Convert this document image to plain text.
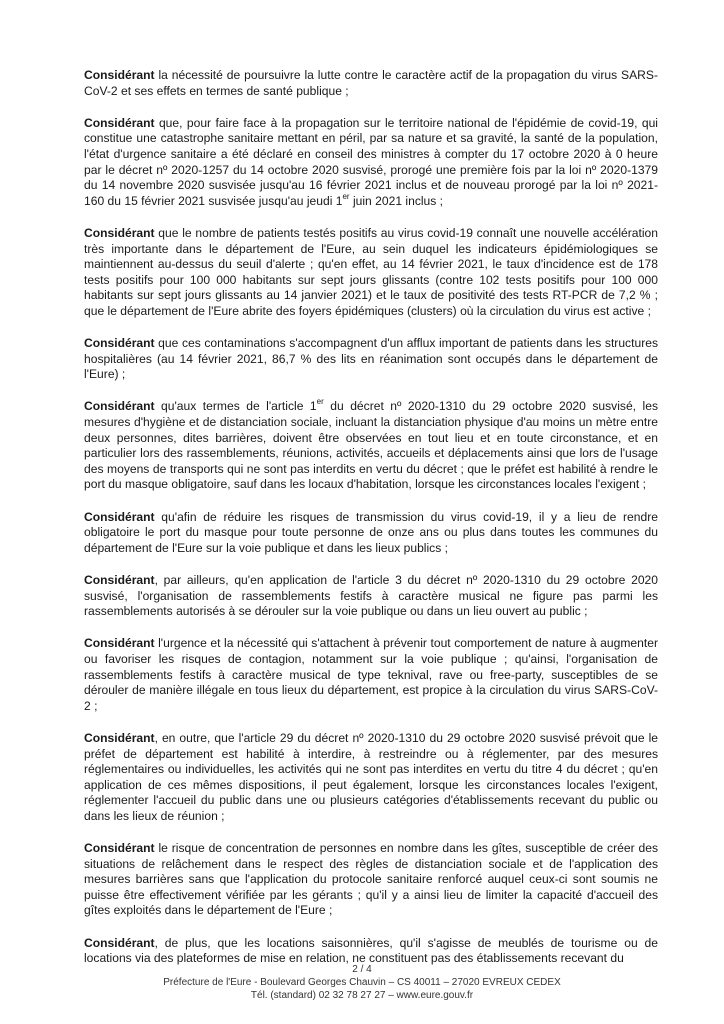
Considérant la nécessité de poursuivre la lutte contre le caractère actif de la propagation du virus SARS-CoV-2 et ses effets en termes de santé publique ;

Considérant que, pour faire face à la propagation sur le territoire national de l'épidémie de covid-19, qui constitue une catastrophe sanitaire mettant en péril, par sa nature et sa gravité, la santé de la population, l'état d'urgence sanitaire a été déclaré en conseil des ministres à compter du 17 octobre 2020 à 0 heure par le décret nº 2020-1257 du 14 octobre 2020 susvisé, prorogé une première fois par la loi nº 2020-1379 du 14 novembre 2020 susvisée jusqu'au 16 février 2021 inclus et de nouveau prorogé par la loi nº 2021-160 du 15 février 2021 susvisée jusqu'au jeudi 1er juin 2021 inclus ;

Considérant que le nombre de patients testés positifs au virus covid-19 connaît une nouvelle accélération très importante dans le département de l'Eure, au sein duquel les indicateurs épidémiologiques se maintiennent au-dessus du seuil d'alerte ; qu'en effet, au 14 février 2021, le taux d'incidence est de 178 tests positifs pour 100 000 habitants sur sept jours glissants (contre 102 tests positifs pour 100 000 habitants sur sept jours glissants au 14 janvier 2021) et le taux de positivité des tests RT-PCR de 7,2 % ; que le département de l'Eure abrite des foyers épidémiques (clusters) où la circulation du virus est active ;

Considérant que ces contaminations s'accompagnent d'un afflux important de patients dans les structures hospitalières (au 14 février 2021, 86,7 % des lits en réanimation sont occupés dans le département de l'Eure) ;

Considérant qu'aux termes de l'article 1er du décret nº 2020-1310 du 29 octobre 2020 susvisé, les mesures d'hygiène et de distanciation sociale, incluant la distanciation physique d'au moins un mètre entre deux personnes, dites barrières, doivent être observées en tout lieu et en toute circonstance, et en particulier lors des rassemblements, réunions, activités, accueils et déplacements ainsi que lors de l'usage des moyens de transports qui ne sont pas interdits en vertu du décret ; que le préfet est habilité à rendre le port du masque obligatoire, sauf dans les locaux d'habitation, lorsque les circonstances locales l'exigent ;

Considérant qu'afin de réduire les risques de transmission du virus covid-19, il y a lieu de rendre obligatoire le port du masque pour toute personne de onze ans ou plus dans toutes les communes du département de l'Eure sur la voie publique et dans les lieux publics ;

Considérant, par ailleurs, qu'en application de l'article 3 du décret nº 2020-1310 du 29 octobre 2020 susvisé, l'organisation de rassemblements festifs à caractère musical ne figure pas parmi les rassemblements autorisés à se dérouler sur la voie publique ou dans un lieu ouvert au public ;

Considérant l'urgence et la nécessité qui s'attachent à prévenir tout comportement de nature à augmenter ou favoriser les risques de contagion, notamment sur la voie publique ; qu'ainsi, l'organisation de rassemblements festifs à caractère musical de type teknival, rave ou free-party, susceptibles de se dérouler de manière illégale en tous lieux du département, est propice à la circulation du virus SARS-CoV-2 ;

Considérant, en outre, que l'article 29 du décret nº 2020-1310 du 29 octobre 2020 susvisé prévoit que le préfet de département est habilité à interdire, à restreindre ou à réglementer, par des mesures réglementaires ou individuelles, les activités qui ne sont pas interdites en vertu du titre 4 du décret ; qu'en application de ces mêmes dispositions, il peut également, lorsque les circonstances locales l'exigent, réglementer l'accueil du public dans une ou plusieurs catégories d'établissements recevant du public ou dans les lieux de réunion ;

Considérant le risque de concentration de personnes en nombre dans les gîtes, susceptible de créer des situations de relâchement dans le respect des règles de distanciation sociale et de l'application des mesures barrières sans que l'application du protocole sanitaire renforcé auquel ceux-ci sont soumis ne puisse être effectivement vérifiée par les gérants ; qu'il y a ainsi lieu de limiter la capacité d'accueil des gîtes exploités dans le département de l'Eure ;

Considérant, de plus, que les locations saisonnières, qu'il s'agisse de meublés de tourisme ou de locations via des plateformes de mise en relation, ne constituent pas des établissements recevant du

2 / 4
Préfecture de l'Eure - Boulevard Georges Chauvin – CS 40011 – 27020 EVREUX CEDEX
Tél. (standard) 02 32 78 27 27 – www.eure.gouv.fr
